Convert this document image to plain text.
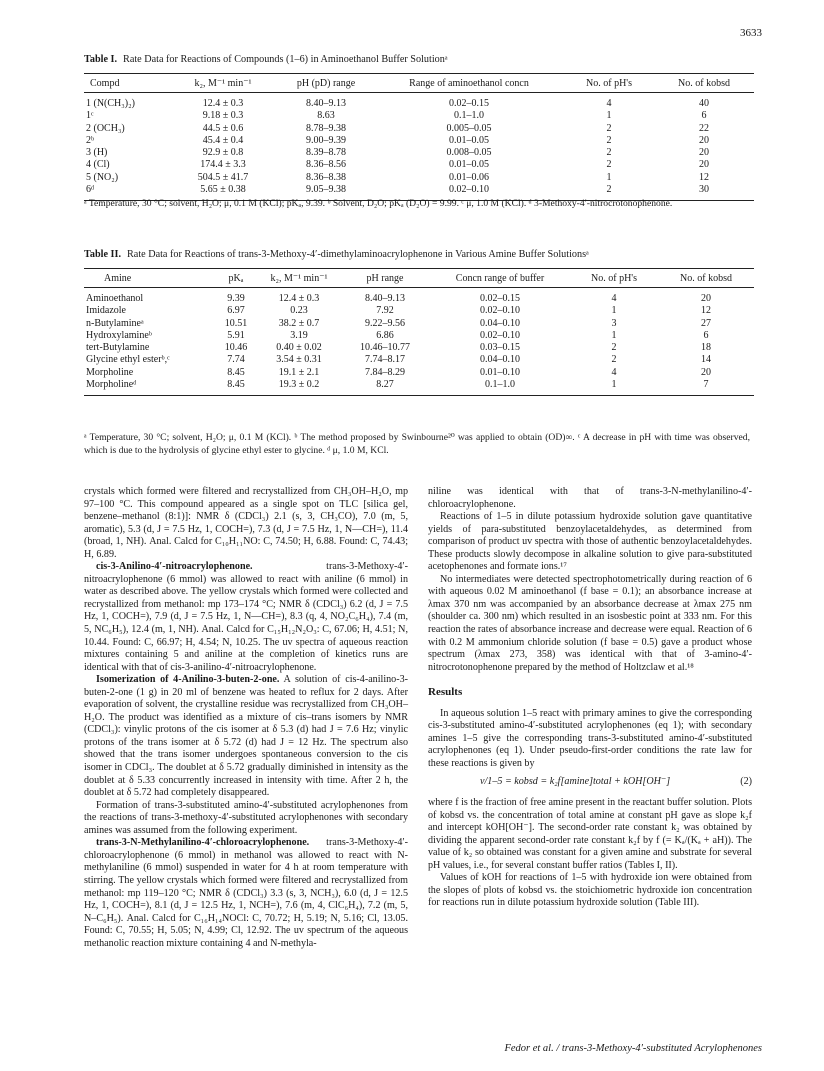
3633
Table I. Rate Data for Reactions of Compounds (1–6) in Aminoethanol Buffer Solutionᵃ
Compd	k₂, M⁻¹ min⁻¹	pH (pD) range	Range of aminoethanol concn	No. of pH's	No. of kobsd
1 (N(CH₃)₂)	12.4 ± 0.3	8.40–9.13	0.02–0.15	4	40
1ᶜ	9.18 ± 0.3	8.63	0.1–1.0	1	6
2 (OCH₃)	44.5 ± 0.6	8.78–9.38	0.005–0.05	2	22
2ᵇ	45.4 ± 0.4	9.00–9.39	0.01–0.05	2	20
3 (H)	92.9 ± 0.8	8.39–8.78	0.008–0.05	2	20
4 (Cl)	174.4 ± 3.3	8.36–8.56	0.01–0.05	2	20
5 (NO₂)	504.5 ± 41.7	8.36–8.38	0.01–0.06	1	12
6ᵈ	5.65 ± 0.38	9.05–9.38	0.02–0.10	2	30
ᵃ Temperature, 30 °C; solvent, H₂O; μ, 0.1 M (KCl); pKₐ, 9.39. ᵇ Solvent, D₂O; pKₐ (D₂O) = 9.99. ᶜ μ, 1.0 M (KCl). ᵈ 3-Methoxy-4′-nitrocrotonophenone.
Table II. Rate Data for Reactions of trans-3-Methoxy-4′-dimethylaminoacrylophenone in Various Amine Buffer Solutionsᵃ
Amine	pKₐ	k₂, M⁻¹ min⁻¹	pH range	Concn range of buffer	No. of pH's	No. of kobsd
Aminoethanol	9.39	12.4 ± 0.3	8.40–9.13	0.02–0.15	4	20
Imidazole	6.97	0.23	7.92	0.02–0.10	1	12
n-Butylamineᵃ	10.51	38.2 ± 0.7	9.22–9.56	0.04–0.10	3	27
Hydroxylamineᵇ	5.91	3.19	6.86	0.02–0.10	1	6
tert-Butylamine	10.46	0.40 ± 0.02	10.46–10.77	0.03–0.15	2	18
Glycine ethyl esterᵇ,ᶜ	7.74	3.54 ± 0.31	7.74–8.17	0.04–0.10	2	14
Morpholine	8.45	19.1 ± 2.1	7.84–8.29	0.01–0.10	4	20
Morpholineᵈ	8.45	19.3 ± 0.2	8.27	0.1–1.0	1	7
ᵃ Temperature, 30 °C; solvent, H₂O; μ, 0.1 M (KCl). ᵇ The method proposed by Swinbourne²⁰ was applied to obtain (OD)∞. ᶜ A decrease in pH with time was observed, which is due to the hydrolysis of glycine ethyl ester to glycine. ᵈ μ, 1.0 M, KCl.

crystals which formed were filtered and recrystallized from CH₃OH–H₂O, mp 97–100 °C. This compound appeared as a single spot on TLC [silica gel, benzene–methanol (8:1)]: NMR δ (CDCl₃) 2.1 (s, 3, CH₃CO), 7.0 (m, 5, aromatic), 5.3 (d, J = 7.5 Hz, 1, COCH=), 7.3 (d, J = 7.5 Hz, 1, N—CH=), 11.4 (broad, 1, NH). Anal. Calcd for C₁₀H₁₁NO: C, 74.50; H, 6.88. Found: C, 74.43; H, 6.89.

cis-3-Anilino-4′-nitroacrylophenone.	trans-3-Methoxy-4′-nitroacrylophenone (6 mmol) was allowed to react with aniline (6 mmol) in water as described above. The yellow crystals which formed were collected and recrystallized from methanol: mp 173–174 °C; NMR δ (CDCl₃) 6.2 (d, J = 7.5 Hz, 1, COCH=), 7.9 (d, J = 7.5 Hz, 1, N—CH=), 8.3 (q, 4, NO₂C₆H₄), 7.4 (m, 5, NC₆H₅), 12.4 (m, 1, NH). Anal. Calcd for C₁₅H₁₂N₂O₃: C, 67.06; H, 4.51; N, 10.44. Found: C, 66.97; H, 4.54; N, 10.25. The uv spectra of aqueous reaction mixtures containing 5 and aniline at the completion of kinetics runs are identical with that of cis-3-anilino-4′-nitroacrylophenone.

Isomerization of 4-Anilino-3-buten-2-one. A solution of cis-4-anilino-3-buten-2-one (1 g) in 20 ml of benzene was heated to reflux for 2 days. After evaporation of solvent, the crystalline residue was recrystallized from CH₃OH–H₂O. The product was identified as a mixture of cis–trans isomers by NMR (CDCl₃): vinylic protons of the cis isomer at δ 5.3 (d) had J = 7.6 Hz; vinylic protons of the trans isomer at δ 5.72 (d) had J = 12 Hz. The spectrum also showed that the trans isomer undergoes spontaneous conversion to the cis isomer in CDCl₃. The doublet at δ 5.72 gradually diminished in intensity as the doublet at δ 5.33 concurrently increased in intensity with time. After 2 h, the doublet at δ 5.72 had completely disappeared.

Formation of trans-3-substituted amino-4′-substituted acrylophenones from the reactions of trans-3-methoxy-4′-substituted acrylophenones with secondary amines was assumed from the following experiment.

trans-3-N-Methylanilino-4′-chloroacrylophenone. trans-3-Methoxy-4′-chloroacrylophenone (6 mmol) in methanol was allowed to react with N-methylaniline (6 mmol) suspended in water for 4 h at room temperature with stirring. The yellow crystals which formed were filtered and recrystallized from methanol: mp 119–120 °C; NMR δ (CDCl₃) 3.3 (s, 3, NCH₃), 6.0 (d, J = 12.5 Hz, 1, COCH=), 8.1 (d, J = 12.5 Hz, 1, NCH=), 7.6 (m, 4, ClC₆H₄), 7.2 (m, 5, N–C₆H₅). Anal. Calcd for C₁₆H₁₄NOCl: C, 70.72; H, 5.19; N, 5.16; Cl, 13.05. Found: C, 70.55; H, 5.05; N, 4.99; Cl, 12.92. The uv spectrum of the aqueous methanolic reaction mixture containing 4 and N-methyla-

niline was identical with that of trans-3-N-methylanilino-4′-chloroacrylophenone.

Reactions of 1–5 in dilute potassium hydroxide solution gave quantitative yields of para-substituted benzoylacetaldehydes, as determined from comparison of product uv spectra with those of authentic benzoylacetaldehydes. These products slowly decompose in alkaline solution to give para-substituted acetophenones and formate ions.¹⁷

No intermediates were detected spectrophotometrically during reaction of 6 with aqueous 0.02 M aminoethanol (f base = 0.1); an absorbance increase at λmax 370 nm was accompanied by an absorbance decrease at λmax 275 nm (shoulder ca. 300 nm) which resulted in an isosbestic point at 333 nm. For this reaction the rates of absorbance increase and decrease were equal. Reaction of 6 with 0.2 M ammonium chloride solution (f base = 0.5) gave a product whose spectrum (λmax 273, 358) was identical with that of 3-amino-4′-nitrocrotonophenone prepared by the method of Holtzclaw et al.¹⁸

Results

In aqueous solution 1–5 react with primary amines to give the corresponding cis-3-substituted amino-4′-substituted acrylophenones (eq 1); with secondary amines 1–5 give the corresponding trans-3-substituted amino-4′-substituted acrylophenones (eq 1). Under pseudo-first-order conditions the rate law for these reactions is given by

v/1–5 = kobsd = k₂f[amine]total + kOH[OH⁻]	(2)

where f is the fraction of free amine present in the reactant buffer solution. Plots of kobsd vs. the concentration of total amine at constant pH gave as slope k₂f and intercept kOH[OH⁻]. The second-order rate constant k₂ was obtained by dividing the apparent second-order rate constant k₂f by f (= Kₐ/(Kₐ + aH)). The value of k₂ so obtained was constant for a given amine and substrate for several pH values, i.e., for several constant buffer ratios (Tables I, II).

Values of kOH for reactions of 1–5 with hydroxide ion were obtained from the slopes of plots of kobsd vs. the stoichiometric hydroxide ion concentration for reactions run in dilute potassium hydroxide solution (Table III).

Fedor et al. / trans-3-Methoxy-4′-substituted Acrylophenones
